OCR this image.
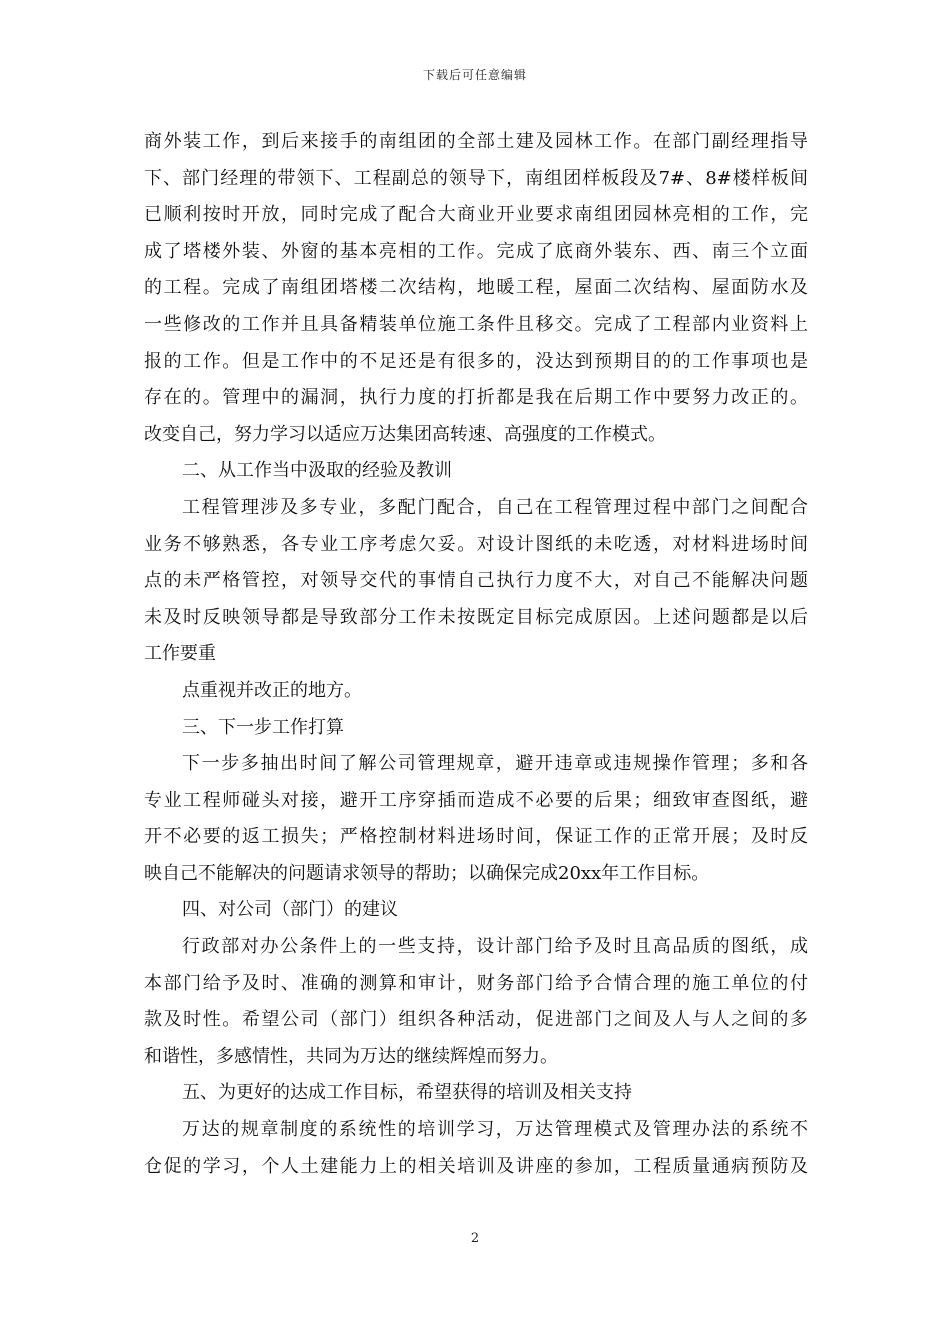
下载后可任意编辑
商外装工作，到后来接手的南组团的全部土建及园林工作。在部门副经理指导
下、部门经理的带领下、工程副总的领导下，南组团样板段及7#、8#楼样板间
已顺利按时开放，同时完成了配合大商业开业要求南组团园林亮相的工作，完
成了塔楼外装、外窗的基本亮相的工作。完成了底商外装东、西、南三个立面
的工程。完成了南组团塔楼二次结构，地暖工程，屋面二次结构、屋面防水及
一些修改的工作并且具备精装单位施工条件且移交。完成了工程部内业资料上
报的工作。但是工作中的不足还是有很多的，没达到预期目的的工作事项也是
存在的。管理中的漏洞，执行力度的打折都是我在后期工作中要努力改正的。
改变自己，努力学习以适应万达集团高转速、高强度的工作模式。
二、从工作当中汲取的经验及教训
工程管理涉及多专业，多配门配合，自己在工程管理过程中部门之间配合
业务不够熟悉，各专业工序考虑欠妥。对设计图纸的未吃透，对材料进场时间
点的未严格管控，对领导交代的事情自己执行力度不大，对自己不能解决问题
未及时反映领导都是导致部分工作未按既定目标完成原因。上述问题都是以后
工作要重
点重视并改正的地方。
三、下一步工作打算
下一步多抽出时间了解公司管理规章，避开违章或违规操作管理；多和各
专业工程师碰头对接，避开工序穿插而造成不必要的后果；细致审查图纸，避
开不必要的返工损失；严格控制材料进场时间，保证工作的正常开展；及时反
映自己不能解决的问题请求领导的帮助；以确保完成20xx年工作目标。
四、对公司（部门）的建议
行政部对办公条件上的一些支持，设计部门给予及时且高品质的图纸，成
本部门给予及时、准确的测算和审计，财务部门给予合情合理的施工单位的付
款及时性。希望公司（部门）组织各种活动，促进部门之间及人与人之间的多
和谐性，多感情性，共同为万达的继续辉煌而努力。
五、为更好的达成工作目标，希望获得的培训及相关支持
万达的规章制度的系统性的培训学习，万达管理模式及管理办法的系统不
仓促的学习，个人土建能力上的相关培训及讲座的参加，工程质量通病预防及
2
